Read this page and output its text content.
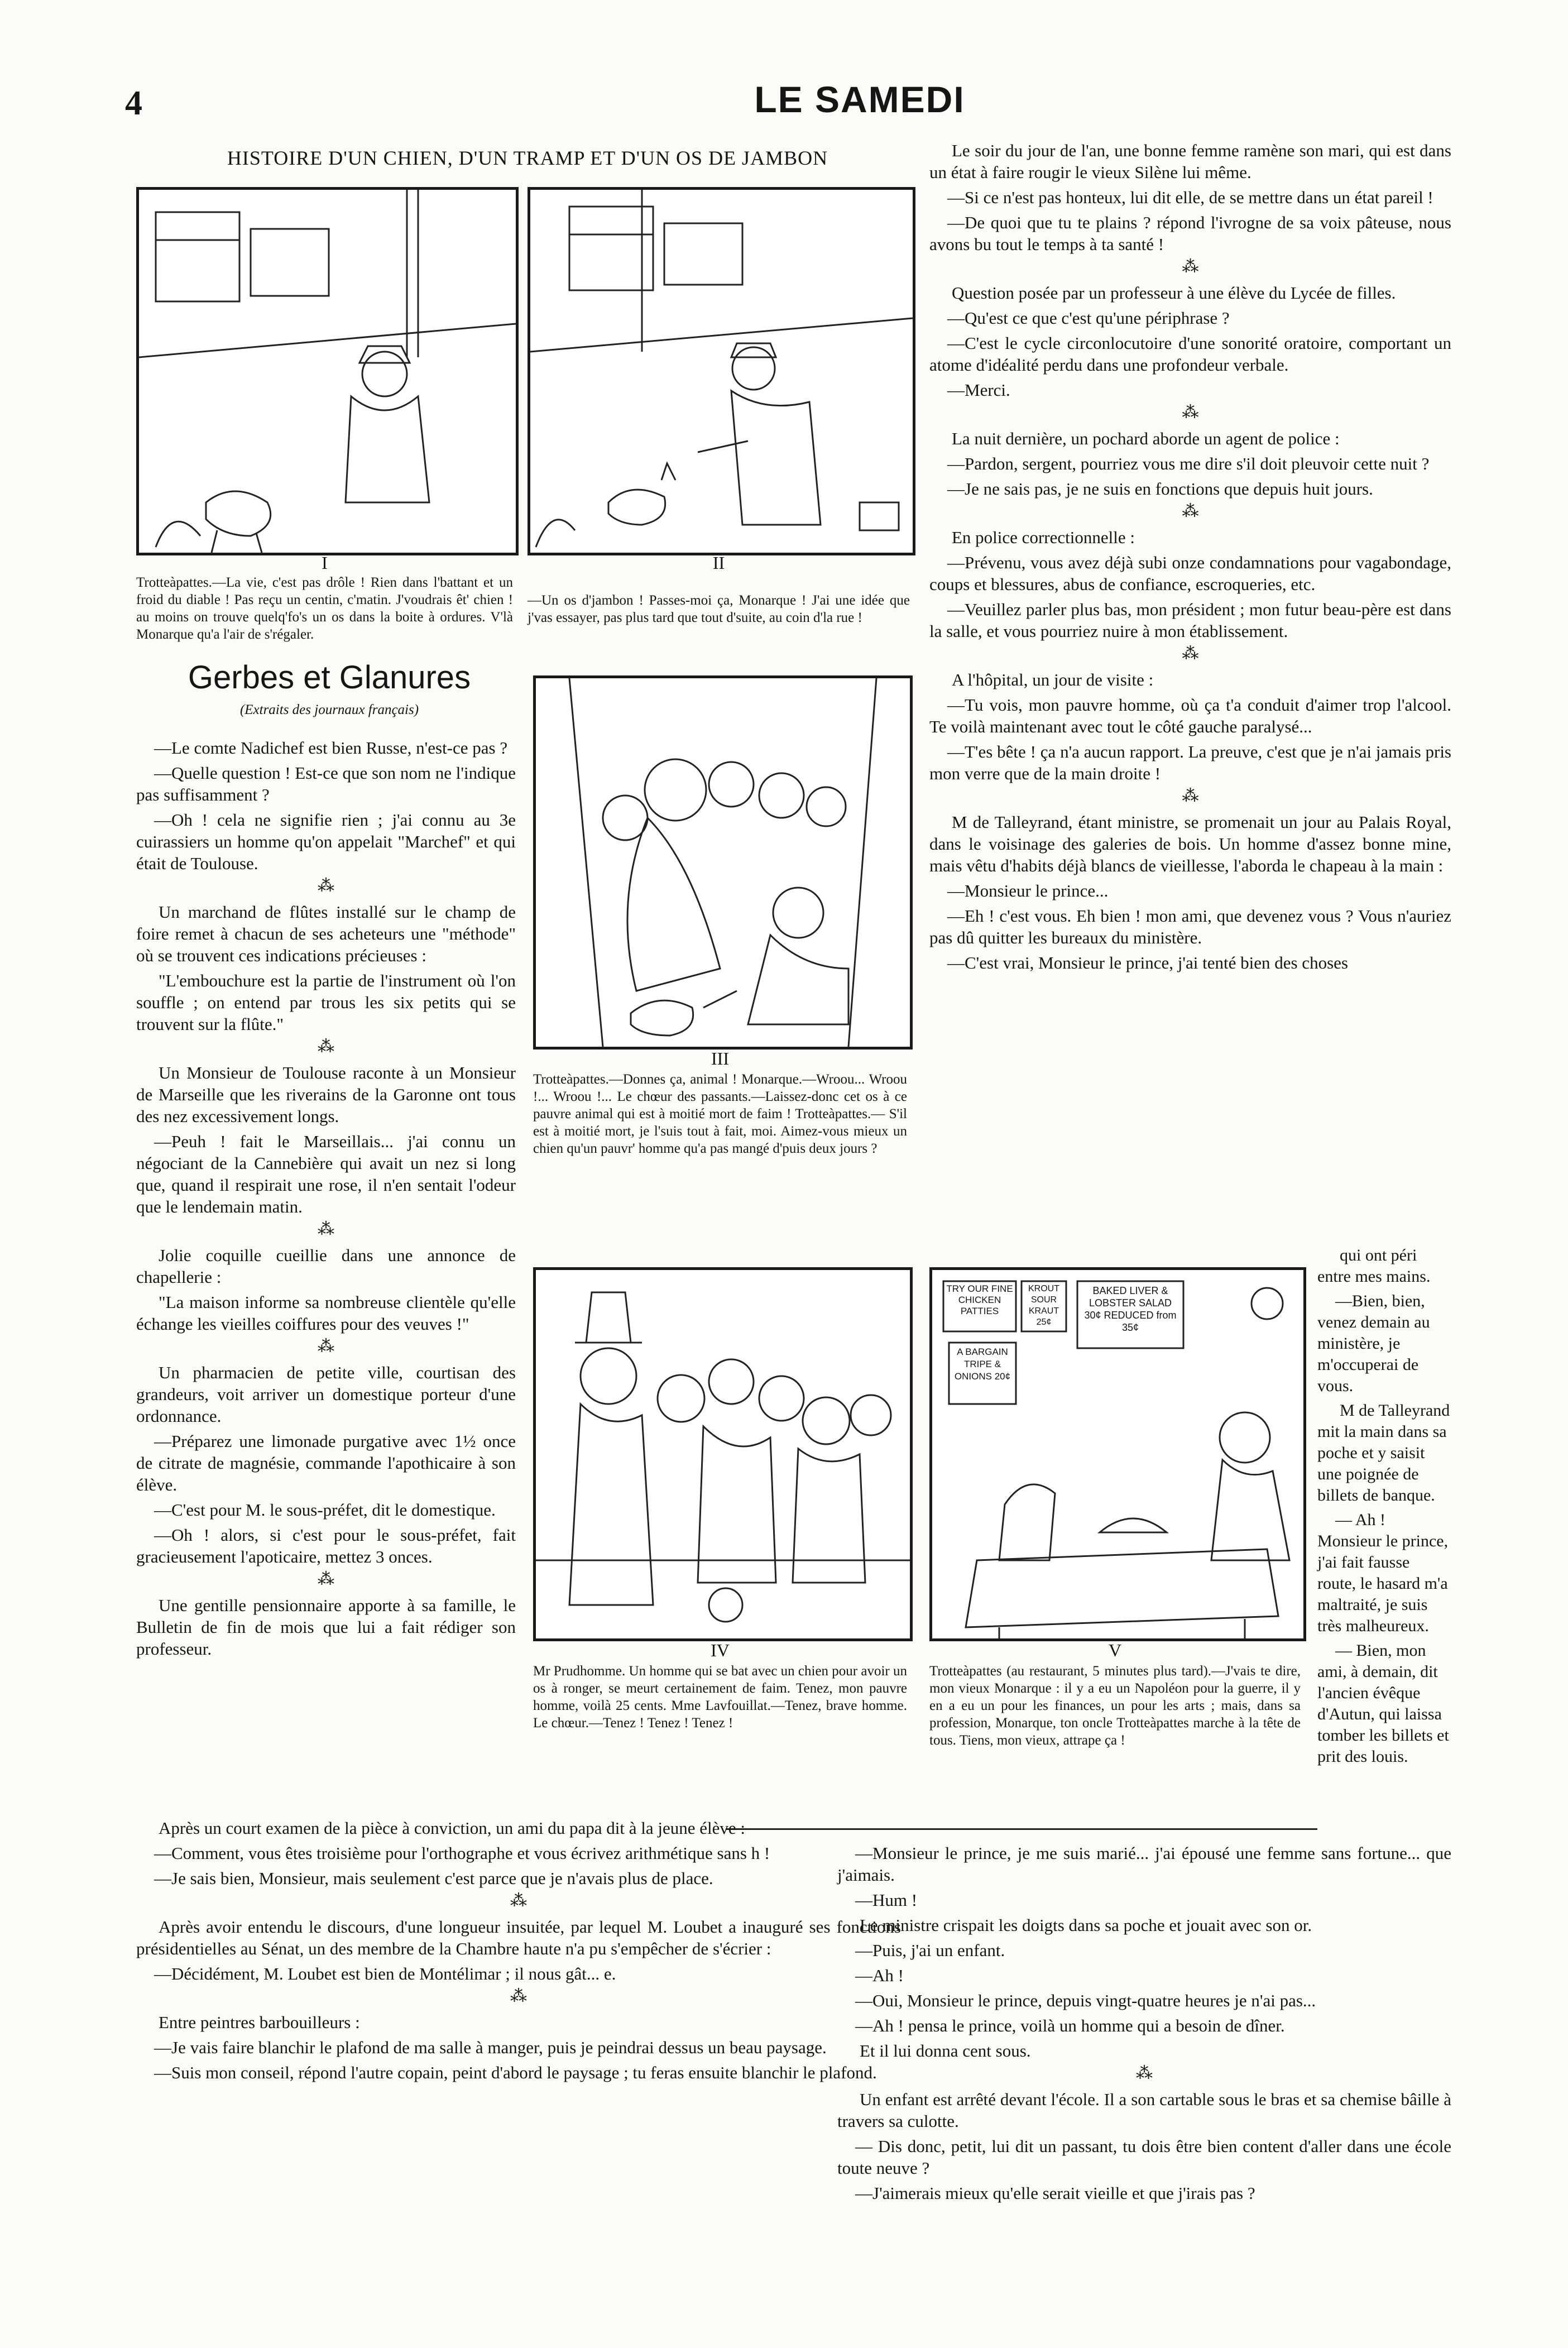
4	LE SAMEDI
HISTOIRE D'UN CHIEN, D'UN TRAMP ET D'UN OS DE JAMBON
I
Trotteàpattes.—La vie, c'est pas drôle ! Rien dans l'battant et un froid du diable ! Pas reçu un centin, c'matin. J'voudrais êt' chien ! au moins on trouve quelq'fo's un os dans la boite à ordures. V'là Monarque qu'a l'air de s'régaler.
II
—Un os d'jambon ! Passes-moi ça, Monarque ! J'ai une idée que j'vas essayer, pas plus tard que tout d'suite, au coin d'la rue !
III
Trotteàpattes.—Donnes ça, animal ! Monarque.—Wroou... Wroou !... Wroou !... Le chœur des passants.—Laissez-donc cet os à ce pauvre animal qui est à moitié mort de faim ! Trotteàpattes.— S'il est à moitié mort, je l'suis tout à fait, moi. Aimez-vous mieux un chien qu'un pauvr' homme qu'a pas mangé d'puis deux jours ?
IV
Mr Prudhomme. Un homme qui se bat avec un chien pour avoir un os à ronger, se meurt certainement de faim. Tenez, mon pauvre homme, voilà 25 cents. Mme Lavfouillat.—Tenez, brave homme. Le chœur.—Tenez ! Tenez ! Tenez !
TRY OUR FINE CHICKEN PATTIES
KROUT SOUR KRAUT 25¢
BAKED LIVER & LOBSTER SALAD 30¢ REDUCED from 35¢
A BARGAIN TRIPE & ONIONS 20¢
V
Trotteàpattes (au restaurant, 5 minutes plus tard).—J'vais te dire, mon vieux Monarque : il y a eu un Napoléon pour la guerre, il y en a eu un pour les finances, un pour les arts ; mais, dans sa profession, Monarque, ton oncle Trotteàpattes marche à la tête de tous. Tiens, mon vieux, attrape ça !
Gerbes et Glanures
(Extraits des journaux français)

—Le comte Nadichef est bien Russe, n'est-ce pas ?

—Quelle question ! Est-ce que son nom ne l'indique pas suffisamment ?

—Oh ! cela ne signifie rien ; j'ai connu au 3e cuirassiers un homme qu'on appelait "Marchef" et qui était de Toulouse.

⁂

Un marchand de flûtes installé sur le champ de foire remet à chacun de ses acheteurs une "méthode" où se trouvent ces indications précieuses :

"L'embouchure est la partie de l'instrument où l'on souffle ; on entend par trous les six petits qui se trouvent sur la flûte."

⁂

Un Monsieur de Toulouse raconte à un Monsieur de Marseille que les riverains de la Garonne ont tous des nez excessivement longs.

—Peuh ! fait le Marseillais... j'ai connu un négociant de la Cannebière qui avait un nez si long que, quand il respirait une rose, il n'en sentait l'odeur que le lendemain matin.

⁂

Jolie coquille cueillie dans une annonce de chapellerie :

"La maison informe sa nombreuse clientèle qu'elle échange les vieilles coiffures pour des veuves !"

⁂

Un pharmacien de petite ville, courtisan des grandeurs, voit arriver un domestique porteur d'une ordonnance.

—Préparez une limonade purgative avec 1½ once de citrate de magnésie, commande l'apothicaire à son élève.

—C'est pour M. le sous-préfet, dit le domestique.

—Oh ! alors, si c'est pour le sous-préfet, fait gracieusement l'apoticaire, mettez 3 onces.

⁂

Une gentille pensionnaire apporte à sa famille, le Bulletin de fin de mois que lui a fait rédiger son professeur.

Le soir du jour de l'an, une bonne femme ramène son mari, qui est dans un état à faire rougir le vieux Silène lui même.

—Si ce n'est pas honteux, lui dit elle, de se mettre dans un état pareil !

—De quoi que tu te plains ? répond l'ivrogne de sa voix pâteuse, nous avons bu tout le temps à ta santé !

⁂

Question posée par un professeur à une élève du Lycée de filles.

—Qu'est ce que c'est qu'une périphrase ?

—C'est le cycle circonlocutoire d'une sonorité oratoire, comportant un atome d'idéalité perdu dans une profondeur verbale.

—Merci.

⁂

La nuit dernière, un pochard aborde un agent de police :

—Pardon, sergent, pourriez vous me dire s'il doit pleuvoir cette nuit ?

—Je ne sais pas, je ne suis en fonctions que depuis huit jours.

⁂

En police correctionnelle :

—Prévenu, vous avez déjà subi onze condamnations pour vagabondage, coups et blessures, abus de confiance, escroqueries, etc.

—Veuillez parler plus bas, mon président ; mon futur beau-père est dans la salle, et vous pourriez nuire à mon établissement.

⁂

A l'hôpital, un jour de visite :

—Tu vois, mon pauvre homme, où ça t'a conduit d'aimer trop l'alcool. Te voilà maintenant avec tout le côté gauche paralysé...

—T'es bête ! ça n'a aucun rapport. La preuve, c'est que je n'ai jamais pris mon verre que de la main droite !

⁂

M de Talleyrand, étant ministre, se promenait un jour au Palais Royal, dans le voisinage des galeries de bois. Un homme d'assez bonne mine, mais vêtu d'habits déjà blancs de vieillesse, l'aborda le chapeau à la main :

—Monsieur le prince...

—Eh ! c'est vous. Eh bien ! mon ami, que devenez vous ? Vous n'auriez pas dû quitter les bureaux du ministère.

—C'est vrai, Monsieur le prince, j'ai tenté bien des choses

qui ont péri entre mes mains.

—Bien, bien, venez demain au ministère, je m'occuperai de vous.

M de Talleyrand mit la main dans sa poche et y saisit une poignée de billets de banque.

— Ah ! Monsieur le prince, j'ai fait fausse route, le hasard m'a maltraité, je suis très malheureux.

— Bien, mon ami, à demain, dit l'ancien évêque d'Autun, qui laissa tomber les billets et prit des louis.

Après un court examen de la pièce à conviction, un ami du papa dit à la jeune élève :

—Comment, vous êtes troisième pour l'orthographe et vous écrivez arithmétique sans h !

—Je sais bien, Monsieur, mais seulement c'est parce que je n'avais plus de place.

⁂

Après avoir entendu le discours, d'une longueur insuitée, par lequel M. Loubet a inauguré ses fonctions présidentielles au Sénat, un des membre de la Chambre haute n'a pu s'empêcher de s'écrier :

—Décidément, M. Loubet est bien de Montélimar ; il nous gât... e.

⁂

Entre peintres barbouilleurs :

—Je vais faire blanchir le plafond de ma salle à manger, puis je peindrai dessus un beau paysage.

—Suis mon conseil, répond l'autre copain, peint d'abord le paysage ; tu feras ensuite blanchir le plafond.

—Monsieur le prince, je me suis marié... j'ai épousé une femme sans fortune... que j'aimais.

—Hum !

Le ministre crispait les doigts dans sa poche et jouait avec son or.

—Puis, j'ai un enfant.

—Ah !

—Oui, Monsieur le prince, depuis vingt-quatre heures je n'ai pas...

—Ah ! pensa le prince, voilà un homme qui a besoin de dîner.

Et il lui donna cent sous.

⁂

Un enfant est arrêté devant l'école. Il a son cartable sous le bras et sa chemise bâille à travers sa culotte.

— Dis donc, petit, lui dit un passant, tu dois être bien content d'aller dans une école toute neuve ?

—J'aimerais mieux qu'elle serait vieille et que j'irais pas ?
